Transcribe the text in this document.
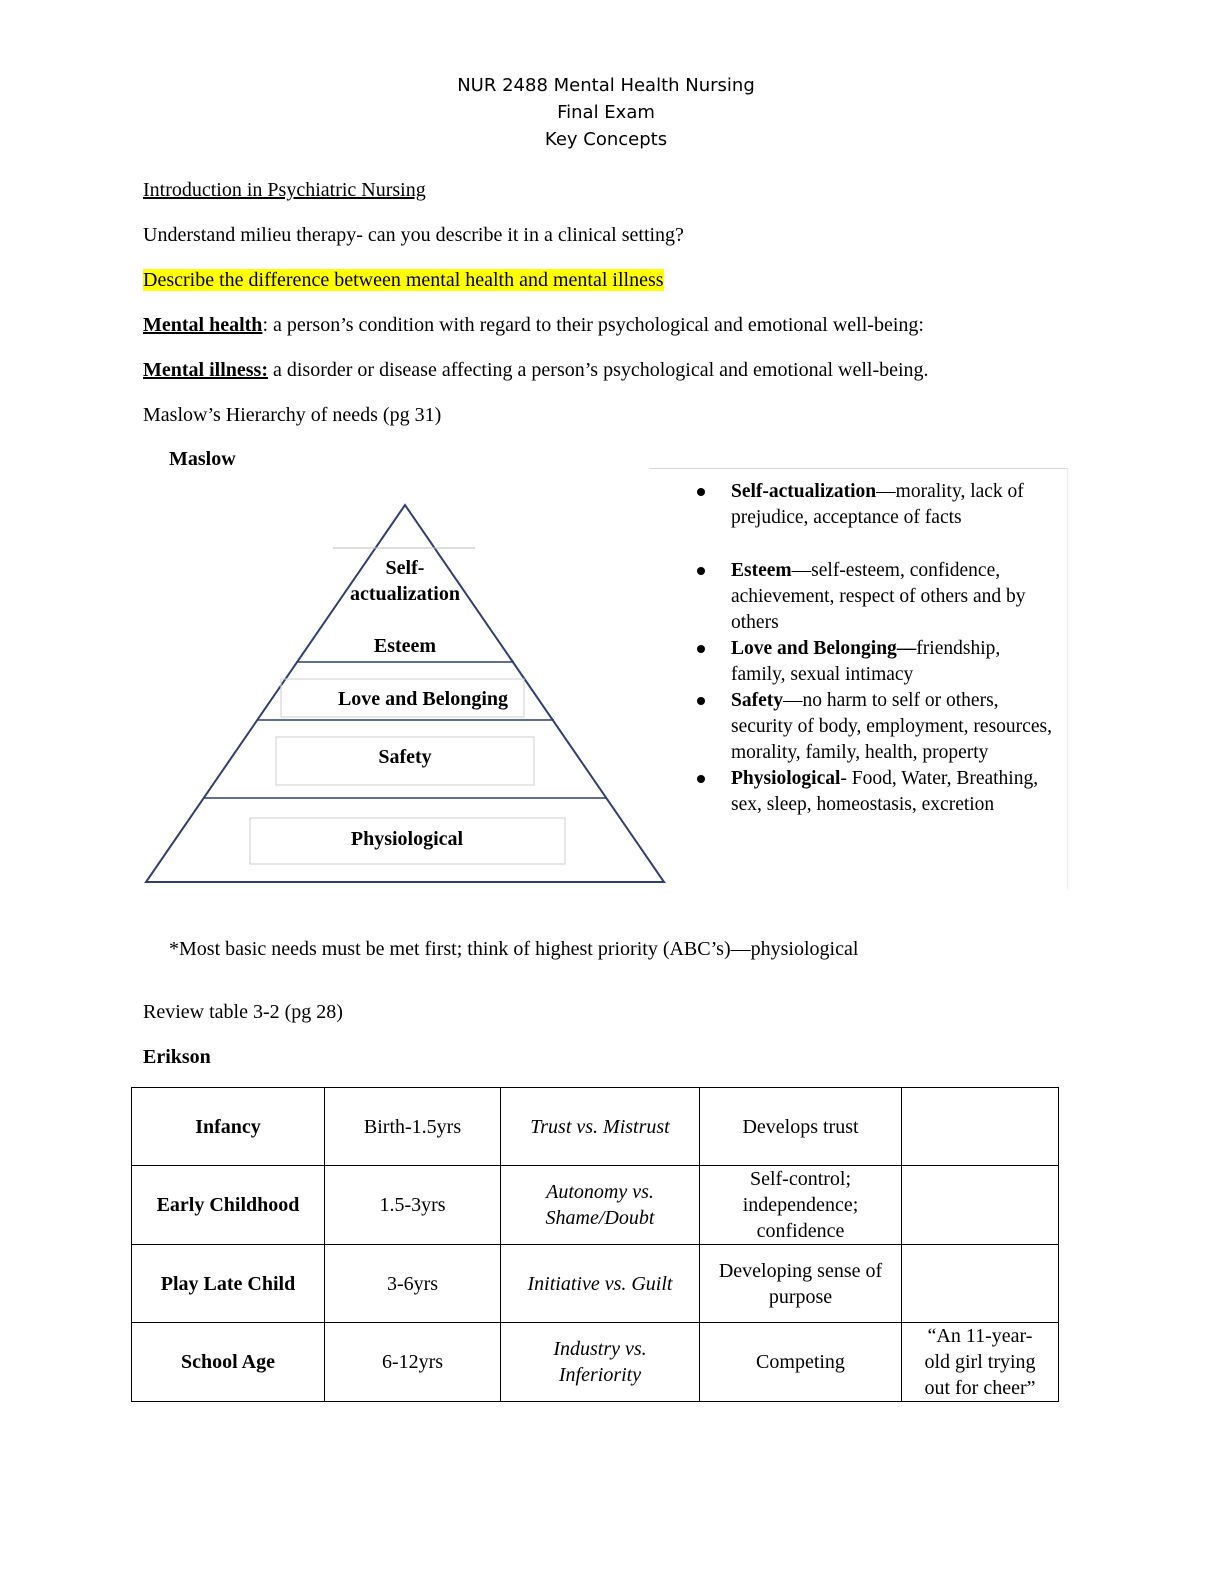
NUR 2488 Mental Health Nursing
Final Exam
Key Concepts
Introduction in Psychiatric Nursing
Understand milieu therapy- can you describe it in a clinical setting?
Describe the difference between mental health and mental illness
Mental health: a person’s condition with regard to their psychological and emotional well-being:
Mental illness: a disorder or disease affecting a person’s psychological and emotional well-being.
Maslow’s Hierarchy of needs (pg 31)
Maslow
Self-
actualization
Esteem
Love and Belonging
Safety
Physiological
Self-actualization—morality, lack of prejudice, acceptance of facts
Esteem—self-esteem, confidence, achievement, respect of others and by others
Love and Belonging—friendship, family, sexual intimacy
Safety—no harm to self or others, security of body, employment, resources, morality, family, health, property
Physiological- Food, Water, Breathing, sex, sleep, homeostasis, excretion
*Most basic needs must be met first; think of highest priority (ABC’s)—physiological
Review table 3-2 (pg 28)
Erikson
Infancy	Birth-1.5yrs	Trust vs. Mistrust	Develops trust	
Early Childhood	1.5-3yrs	Autonomy vs. Shame/Doubt	Self-control; independence; confidence	
Play Late Child	3-6yrs	Initiative vs. Guilt	Developing sense of purpose	
School Age	6-12yrs	Industry vs. Inferiority	Competing	“An 11-year-old girl trying out for cheer”
